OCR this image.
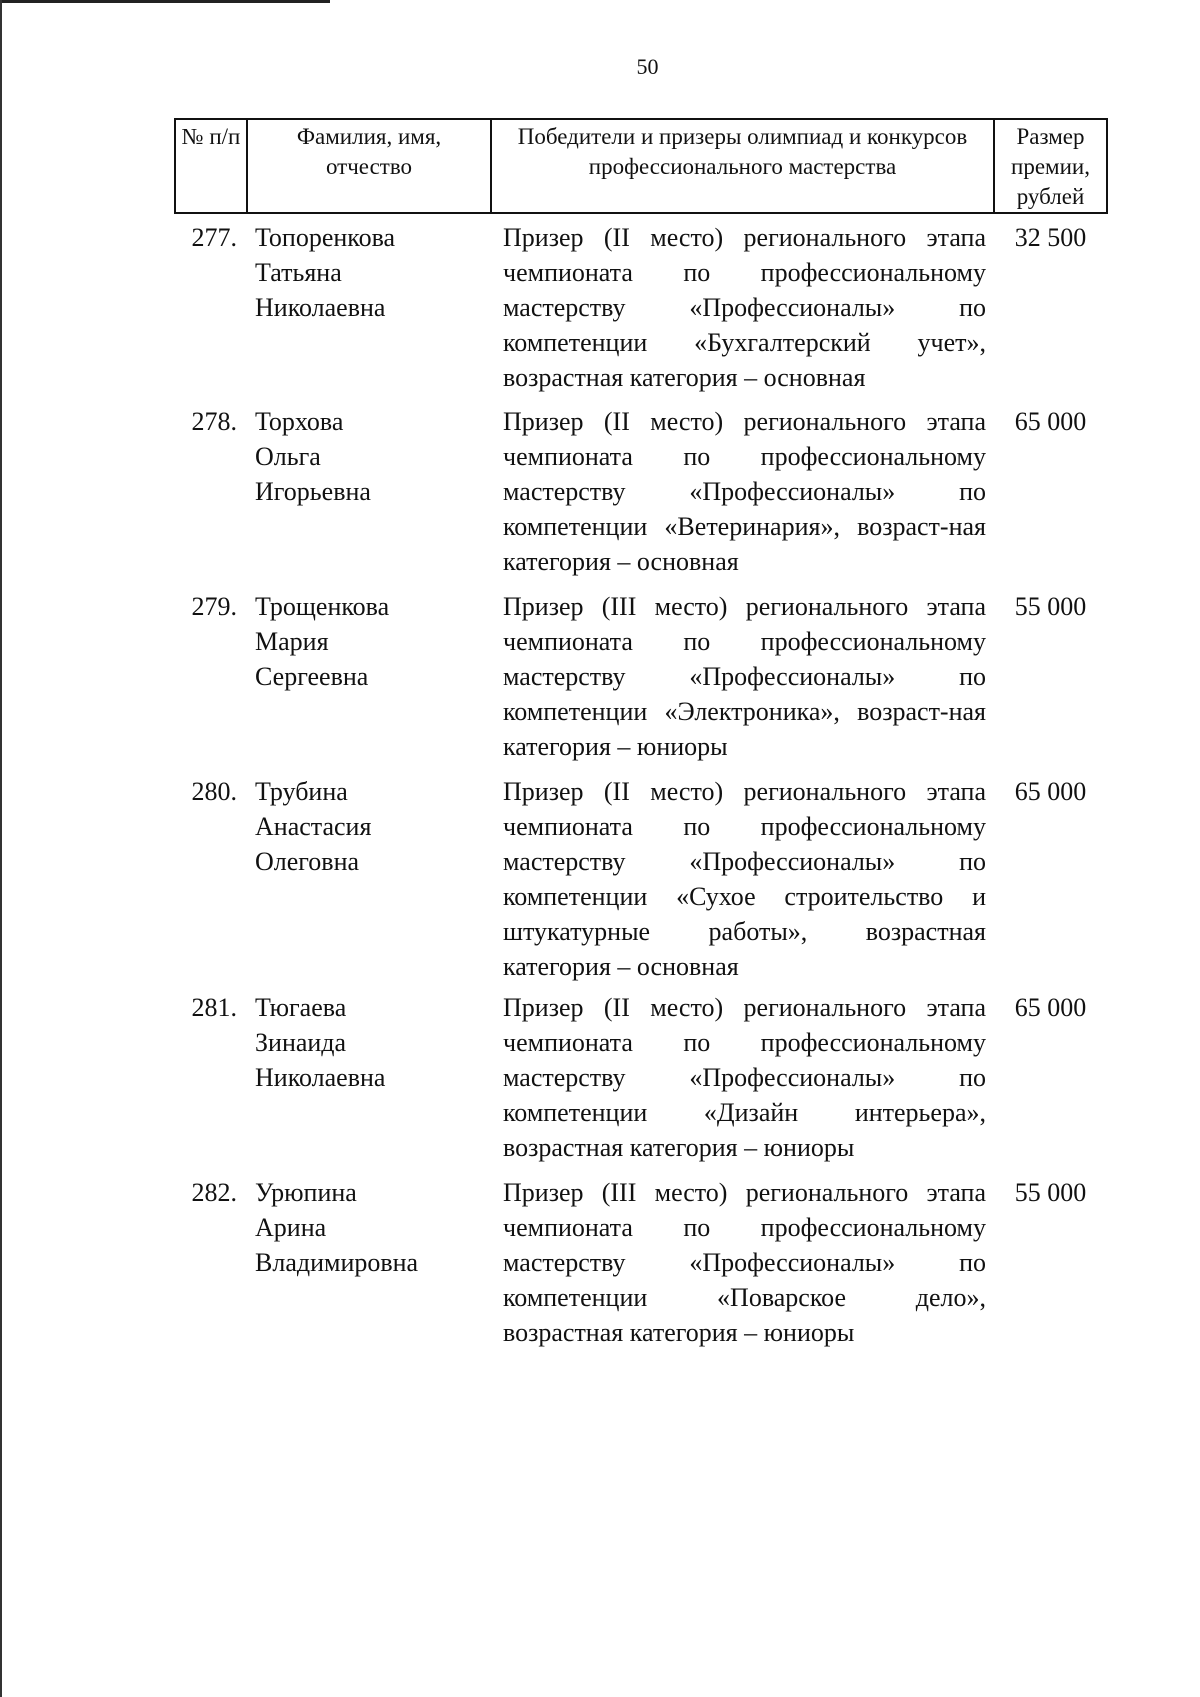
50
№ п/п	Фамилия, имя, отчество	Победители и призеры олимпиад и конкурсов профессионального мастерства	Размер премии, рублей
277.	Топоренкова
Татьяна
Николаевна	Призер (II место) регионального этапа чемпионата по профессиональному мастерству «Профессионалы» по компетенции «Бухгалтерский учет», возрастная категория – основная	32 500
278.	Торхова
Ольга
Игорьевна	Призер (II место) регионального этапа чемпионата по профессиональному мастерству «Профессионалы» по компетенции «Ветеринария», возраст-ная категория – основная	65 000
279.	Трощенкова
Мария
Сергеевна	Призер (III место) регионального этапа чемпионата по профессиональному мастерству «Профессионалы» по компетенции «Электроника», возраст-ная категория – юниоры	55 000
280.	Трубина
Анастасия
Олеговна	Призер (II место) регионального этапа чемпионата по профессиональному мастерству «Профессионалы» по компетенции «Сухое строительство и штукатурные работы», возрастная категория – основная	65 000
281.	Тюгаева
Зинаида
Николаевна	Призер (II место) регионального этапа чемпионата по профессиональному мастерству «Профессионалы» по компетенции «Дизайн интерьера», возрастная категория – юниоры	65 000
282.	Урюпина
Арина
Владимировна	Призер (III место) регионального этапа чемпионата по профессиональному мастерству «Профессионалы» по компетенции «Поварское дело», возрастная категория – юниоры	55 000
